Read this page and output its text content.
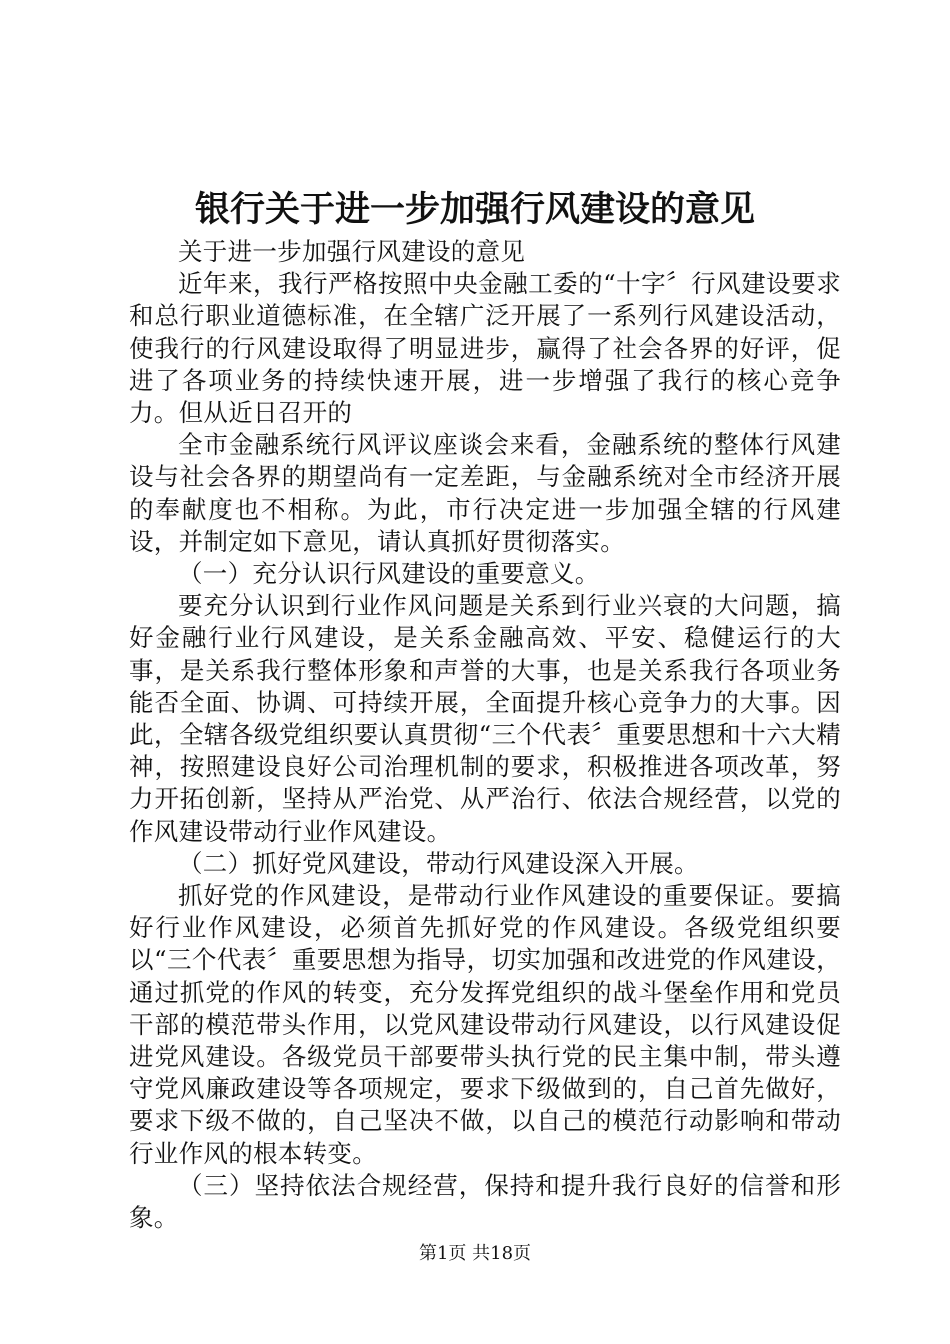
银行关于进一步加强行风建设的意见

关于进一步加强行风建设的意见

近年来，我行严格按照中央金融工委的“十字〞行风建设要求和总行职业道德标准，在全辖广泛开展了一系列行风建设活动，使我行的行风建设取得了明显进步，赢得了社会各界的好评，促进了各项业务的持续快速开展，进一步增强了我行的核心竞争力。但从近日召开的

全市金融系统行风评议座谈会来看，金融系统的整体行风建设与社会各界的期望尚有一定差距，与金融系统对全市经济开展的奉献度也不相称。为此，市行决定进一步加强全辖的行风建设，并制定如下意见，请认真抓好贯彻落实。

（一）充分认识行风建设的重要意义。

要充分认识到行业作风问题是关系到行业兴衰的大问题，搞好金融行业行风建设，是关系金融高效、平安、稳健运行的大事，是关系我行整体形象和声誉的大事，也是关系我行各项业务能否全面、协调、可持续开展，全面提升核心竞争力的大事。因此，全辖各级党组织要认真贯彻“三个代表〞重要思想和十六大精神，按照建设良好公司治理机制的要求，积极推进各项改革，努力开拓创新，坚持从严治党、从严治行、依法合规经营，以党的作风建设带动行业作风建设。

（二）抓好党风建设，带动行风建设深入开展。

抓好党的作风建设，是带动行业作风建设的重要保证。要搞好行业作风建设，必须首先抓好党的作风建设。各级党组织要以“三个代表〞重要思想为指导，切实加强和改进党的作风建设，通过抓党的作风的转变，充分发挥党组织的战斗堡垒作用和党员干部的模范带头作用，以党风建设带动行风建设，以行风建设促进党风建设。各级党员干部要带头执行党的民主集中制，带头遵守党风廉政建设等各项规定，要求下级做到的，自己首先做好，要求下级不做的，自己坚决不做，以自己的模范行动影响和带动行业作风的根本转变。

（三）坚持依法合规经营，保持和提升我行良好的信誉和形象。

第1页 共18页
